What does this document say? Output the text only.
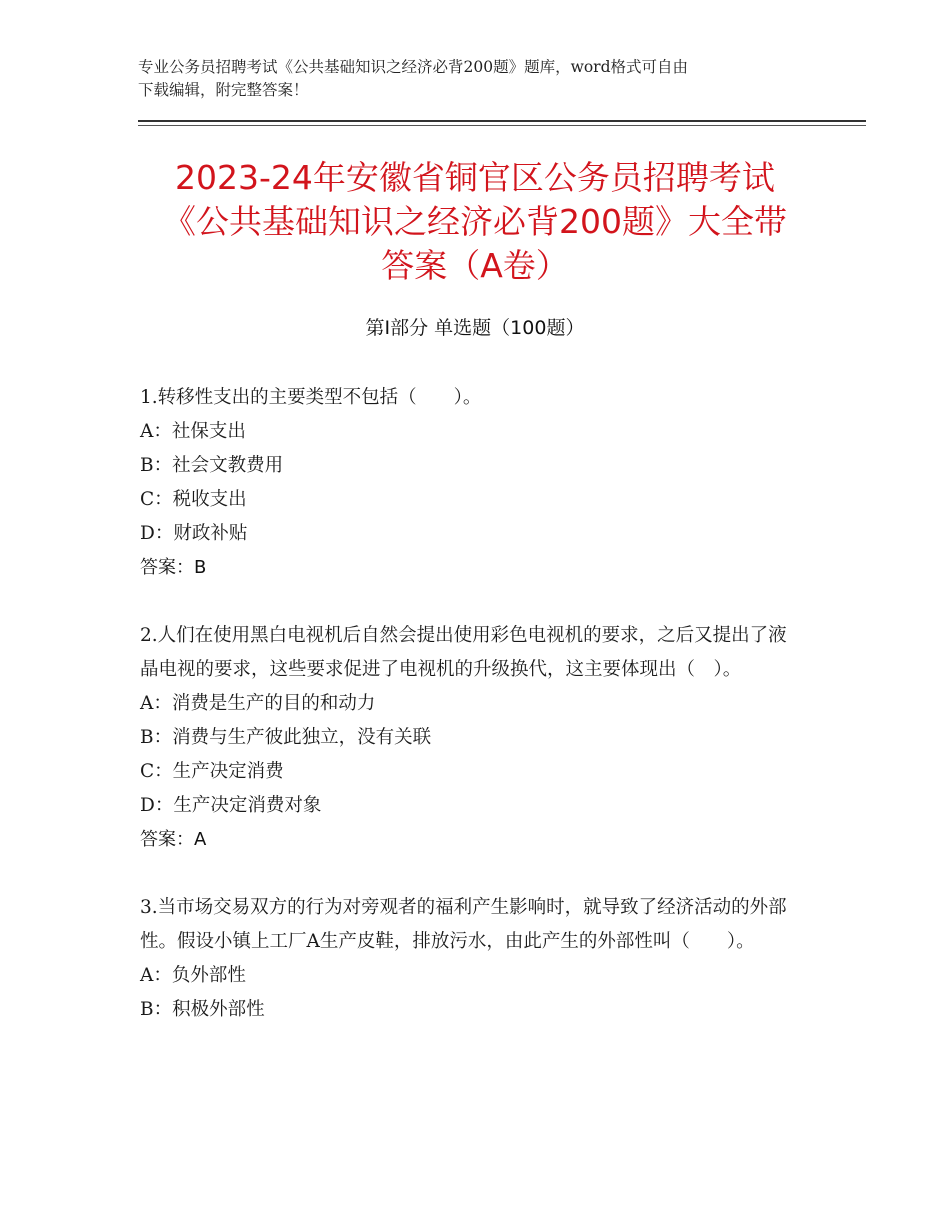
专业公务员招聘考试《公共基础知识之经济必背200题》题库，word格式可自由
下载编辑，附完整答案！
2023-24年安徽省铜官区公务员招聘考试
《公共基础知识之经济必背200题》大全带
答案（A卷）
第Ⅰ部分 单选题（100题）

1.转移性支出的主要类型不包括（　　）。

A：社保支出

B：社会文教费用

C：税收支出

D：财政补贴

答案：B

2.人们在使用黑白电视机后自然会提出使用彩色电视机的要求，之后又提出了液晶电视的要求，这些要求促进了电视机的升级换代，这主要体现出（　）。

A：消费是生产的目的和动力

B：消费与生产彼此独立，没有关联

C：生产决定消费

D：生产决定消费对象

答案：A

3.当市场交易双方的行为对旁观者的福利产生影响时，就导致了经济活动的外部性。假设小镇上工厂A生产皮鞋，排放污水，由此产生的外部性叫（　　）。

A：负外部性

B：积极外部性
